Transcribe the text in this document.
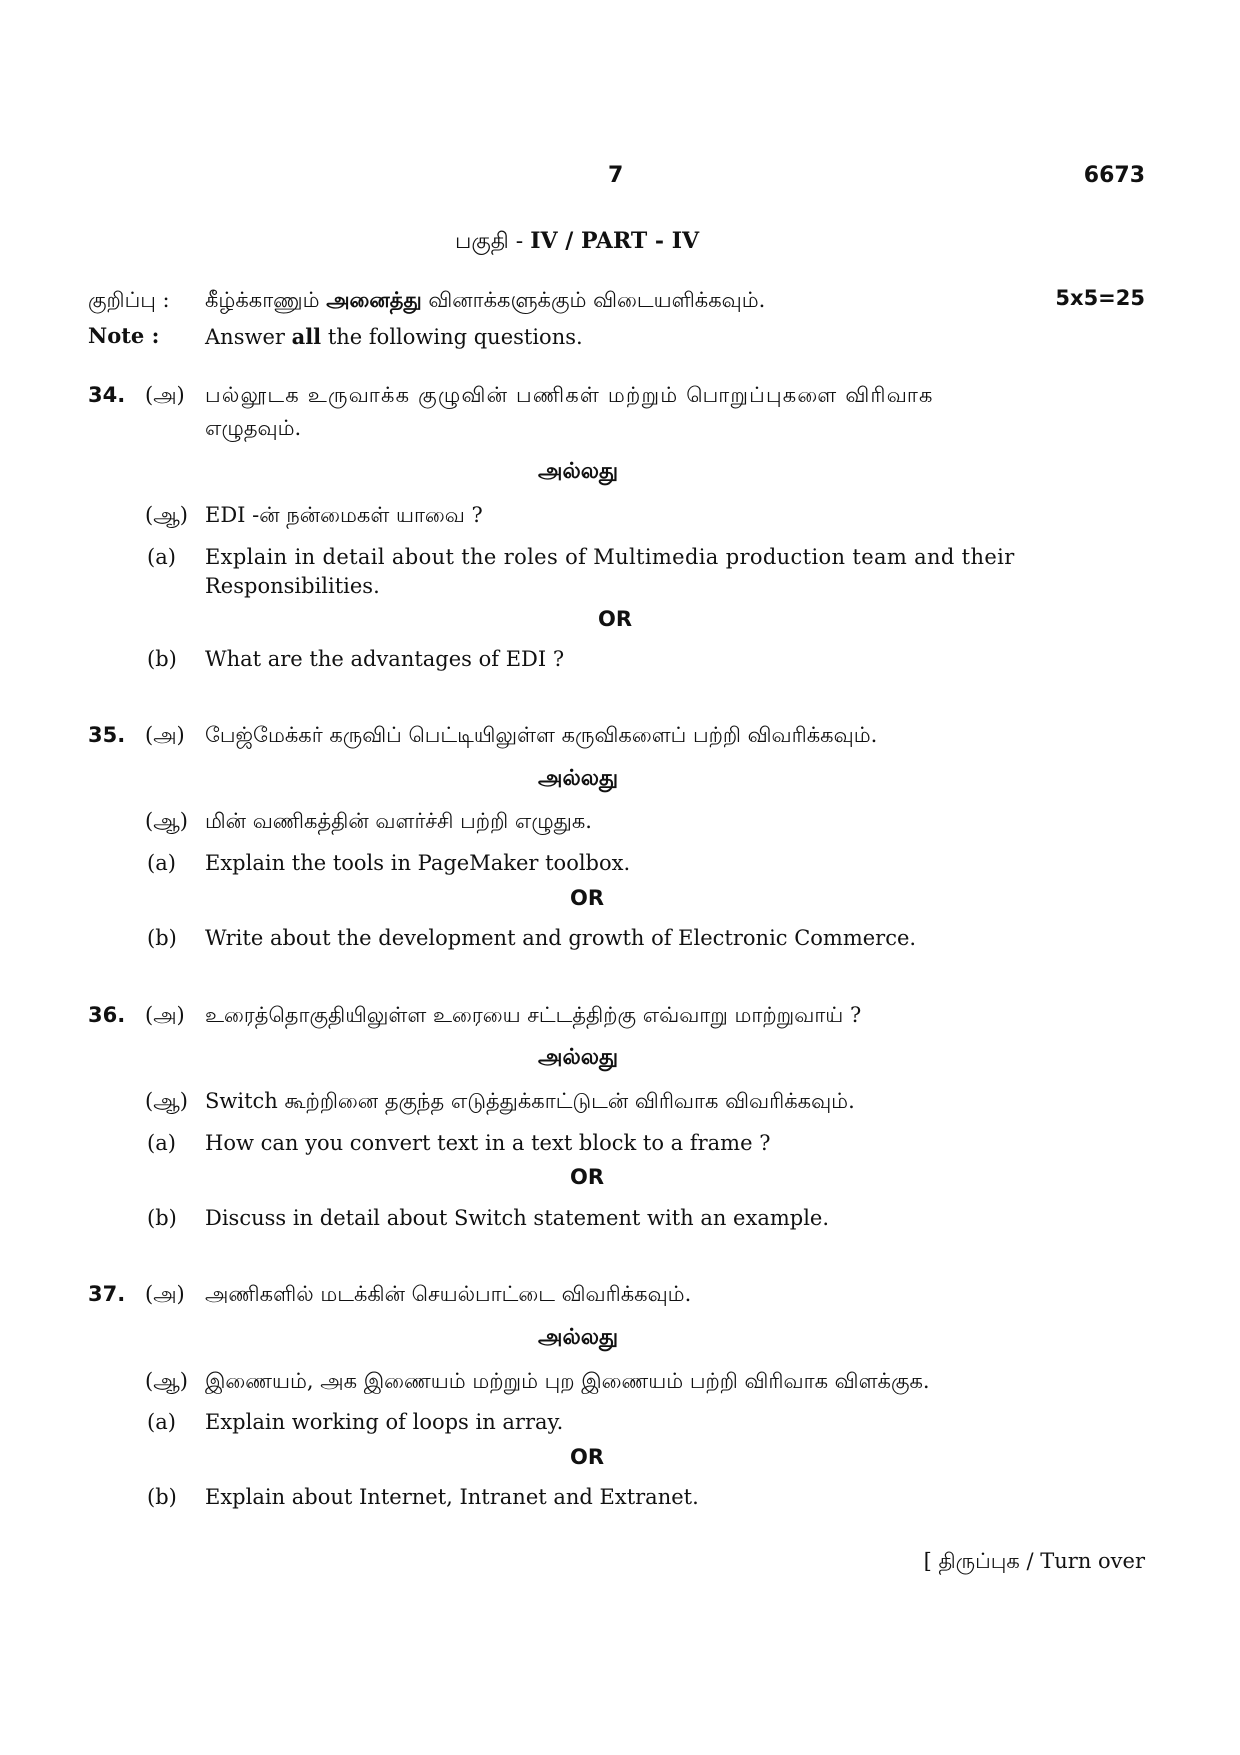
7	6673
பகுதி - IV / PART - IV
குறிப்பு : கீழ்க்காணும் அனைத்து வினாக்களுக்கும் விடையளிக்கவும்.	5x5=25
Note : Answer all the following questions.
34. (அ) பல்லூடக உருவாக்க குழுவின் பணிகள் மற்றும் பொறுப்புகளை விரிவாக
எழுதவும்.
அல்லது
(ஆ) EDI -ன் நன்மைகள் யாவை ?
(a) Explain in detail about the roles of Multimedia production team and their
Responsibilities.
OR
(b) What are the advantages of EDI ?
35. (அ) பேஜ்மேக்கர் கருவிப் பெட்டியிலுள்ள கருவிகளைப் பற்றி விவரிக்கவும்.
அல்லது
(ஆ) மின் வணிகத்தின் வளர்ச்சி பற்றி எழுதுக.
(a) Explain the tools in PageMaker toolbox.
OR
(b) Write about the development and growth of Electronic Commerce.
36. (அ) உரைத்தொகுதியிலுள்ள உரையை சட்டத்திற்கு எவ்வாறு மாற்றுவாய் ?
அல்லது
(ஆ) Switch கூற்றினை தகுந்த எடுத்துக்காட்டுடன் விரிவாக விவரிக்கவும்.
(a) How can you convert text in a text block to a frame ?
OR
(b) Discuss in detail about Switch statement with an example.
37. (அ) அணிகளில் மடக்கின் செயல்பாட்டை விவரிக்கவும்.
அல்லது
(ஆ) இணையம், அக இணையம் மற்றும் புற இணையம் பற்றி விரிவாக விளக்குக.
(a) Explain working of loops in array.
OR
(b) Explain about Internet, Intranet and Extranet.
[ திருப்புக / Turn over
